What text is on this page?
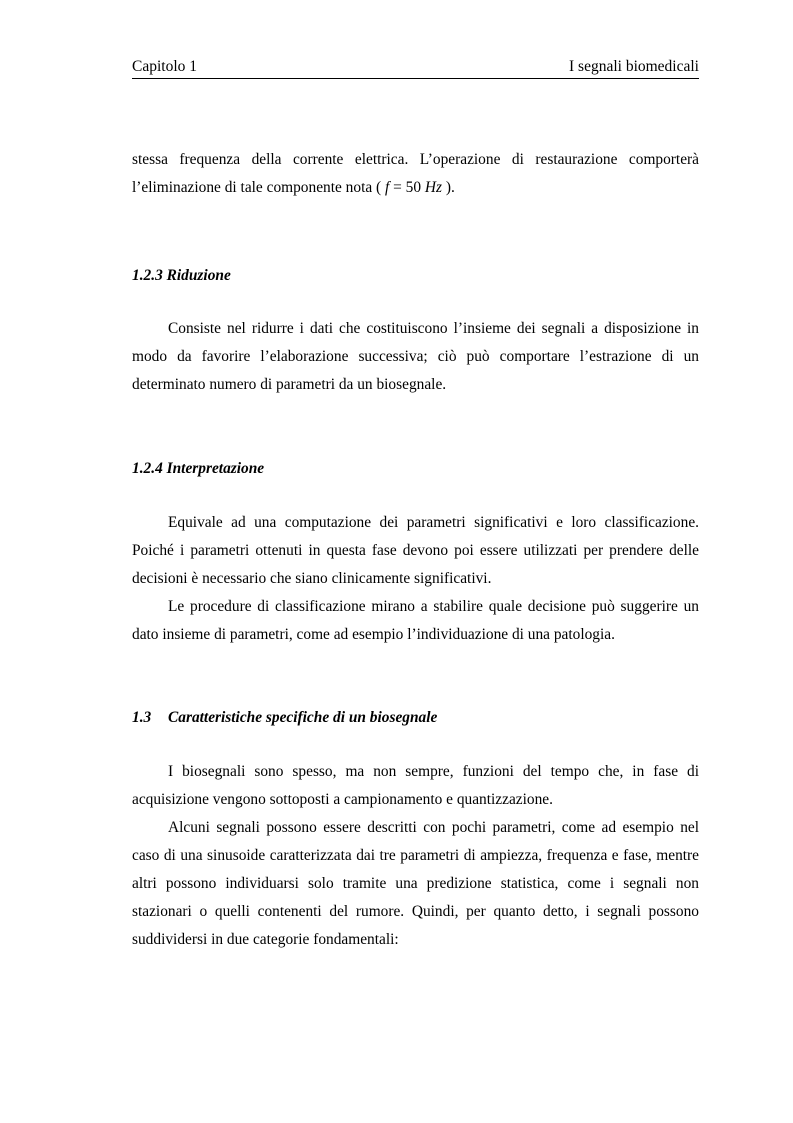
Capitolo 1	I segnali biomedicali

stessa frequenza della corrente elettrica. L’operazione di restaurazione comporterà l’eliminazione di tale componente nota ( f = 50 Hz ).

1.2.3 Riduzione

Consiste nel ridurre i dati che costituiscono l’insieme dei segnali a disposizione in modo da favorire l’elaborazione successiva; ciò può comportare l’estrazione di un determinato numero di parametri da un biosegnale.

1.2.4 Interpretazione

Equivale ad una computazione dei parametri significativi e loro classificazione. Poiché i parametri ottenuti in questa fase devono poi essere utilizzati per prendere delle decisioni è necessario che siano clinicamente significativi.

Le procedure di classificazione mirano a stabilire quale decisione può suggerire un dato insieme di parametri, come ad esempio l’individuazione di una patologia.

1.3	Caratteristiche specifiche di un biosegnale

I biosegnali sono spesso, ma non sempre, funzioni del tempo che, in fase di acquisizione vengono sottoposti a campionamento e quantizzazione.

Alcuni segnali possono essere descritti con pochi parametri, come ad esempio nel caso di una sinusoide caratterizzata dai tre parametri di ampiezza, frequenza e fase, mentre altri possono individuarsi solo tramite una predizione statistica, come i segnali non stazionari o quelli contenenti del rumore. Quindi, per quanto detto, i segnali possono suddividersi in due categorie fondamentali:
